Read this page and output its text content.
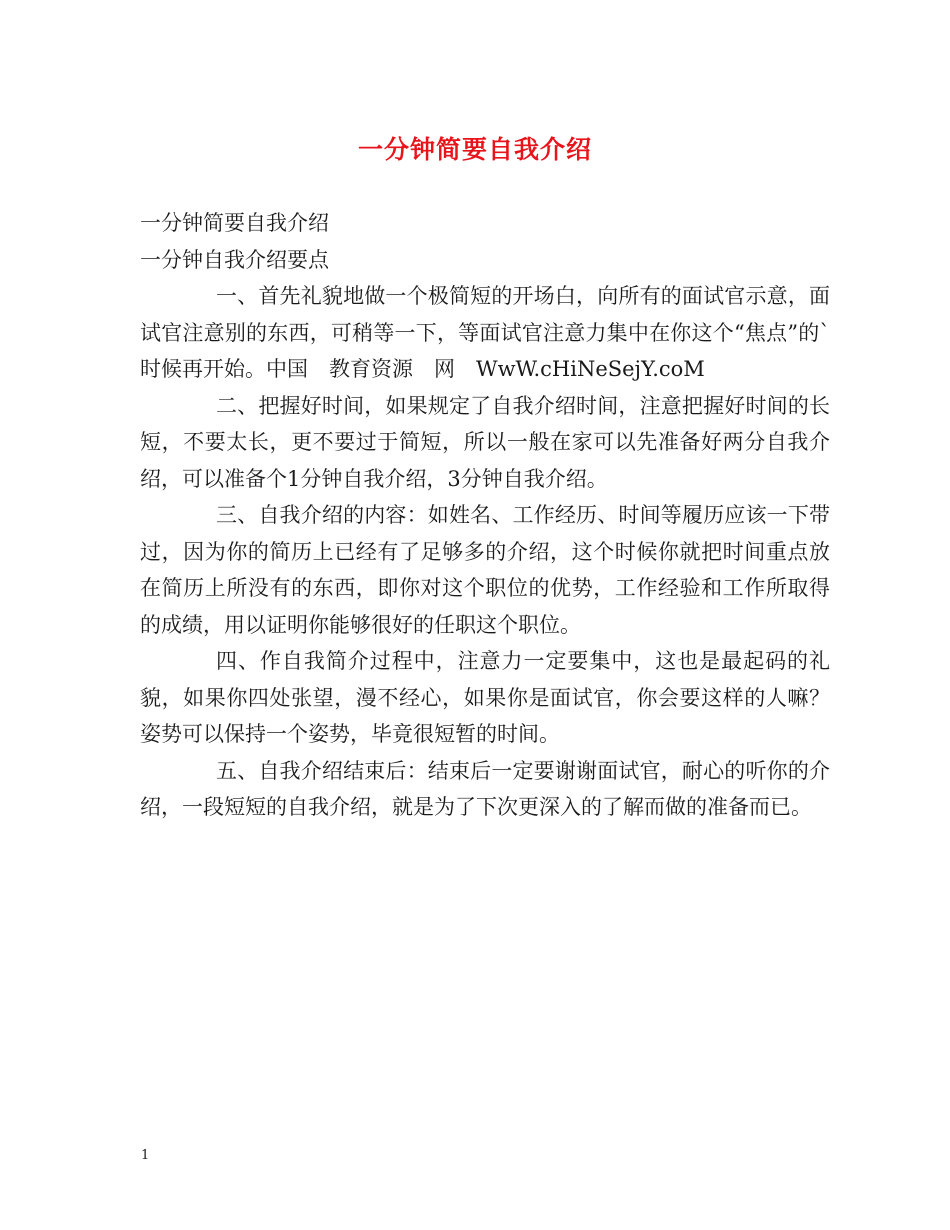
一分钟简要自我介绍

一分钟简要自我介绍

一分钟自我介绍要点

一、首先礼貌地做一个极简短的开场白，向所有的面试官示意，面试官注意别的东西，可稍等一下，等面试官注意力集中在你这个“焦点”的`时候再开始。中国　教育资源　网　WwW.cHiNeSejY.coM

二、把握好时间，如果规定了自我介绍时间，注意把握好时间的长短，不要太长，更不要过于简短，所以一般在家可以先准备好两分自我介绍，可以准备个1分钟自我介绍，3分钟自我介绍。

三、自我介绍的内容：如姓名、工作经历、时间等履历应该一下带过，因为你的简历上已经有了足够多的介绍，这个时候你就把时间重点放在简历上所没有的东西，即你对这个职位的优势，工作经验和工作所取得的成绩，用以证明你能够很好的任职这个职位。

四、作自我简介过程中，注意力一定要集中，这也是最起码的礼貌，如果你四处张望，漫不经心，如果你是面试官，你会要这样的人嘛？姿势可以保持一个姿势，毕竟很短暂的时间。

五、自我介绍结束后：结束后一定要谢谢面试官，耐心的听你的介绍，一段短短的自我介绍，就是为了下次更深入的了解而做的准备而已。

1
